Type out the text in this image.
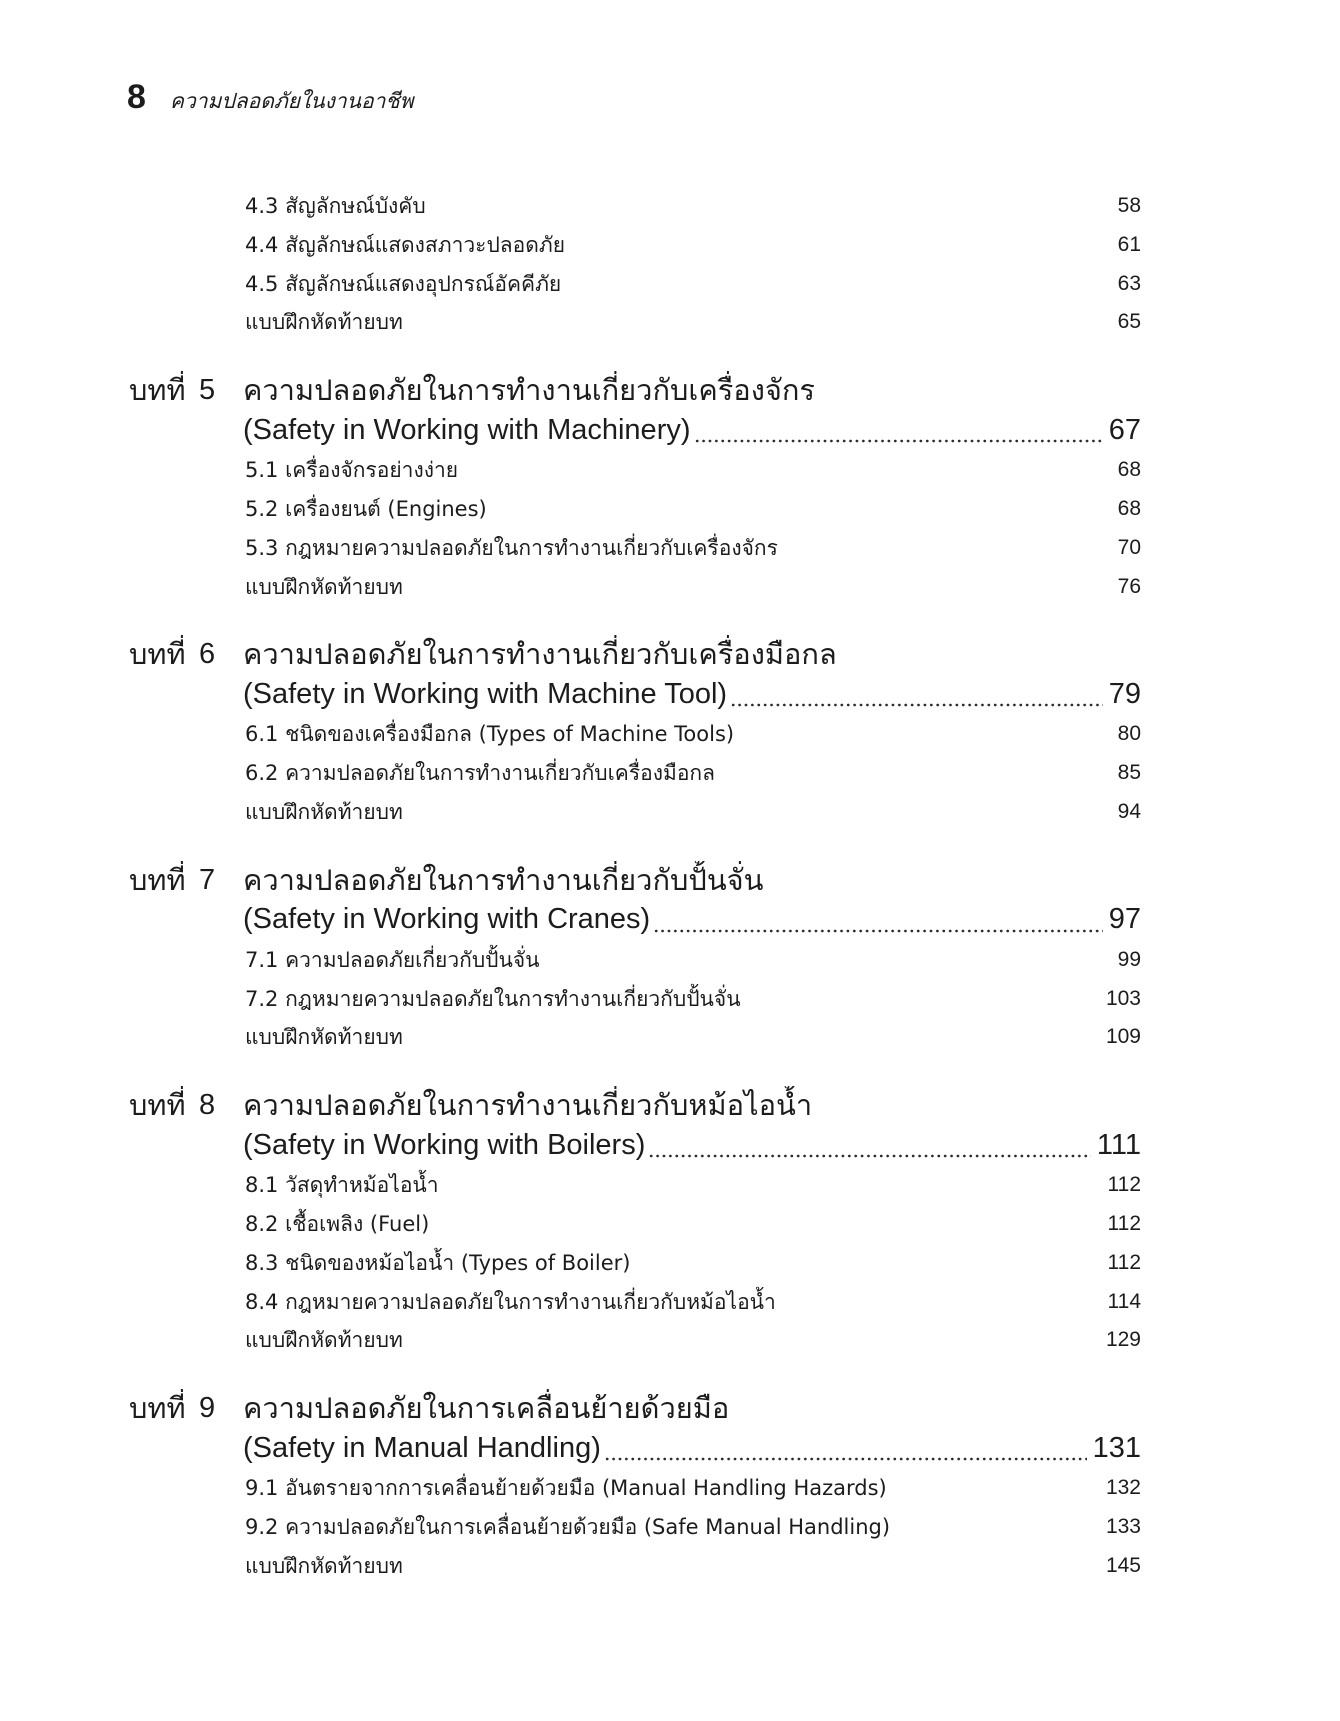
8 ความปลอดภัยในงานอาชีพ
4.3 สัญลักษณ์บังคับ	58
4.4 สัญลักษณ์แสดงสภาวะปลอดภัย	61
4.5 สัญลักษณ์แสดงอุปกรณ์อัคคีภัย	63
แบบฝึกหัดท้ายบท	65
บทที่ 5 ความปลอดภัยในการทำงานเกี่ยวกับเครื่องจักร
(Safety in Working with Machinery)	67
5.1 เครื่องจักรอย่างง่าย	68
5.2 เครื่องยนต์ (Engines)	68
5.3 กฎหมายความปลอดภัยในการทำงานเกี่ยวกับเครื่องจักร	70
แบบฝึกหัดท้ายบท	76
บทที่ 6 ความปลอดภัยในการทำงานเกี่ยวกับเครื่องมือกล
(Safety in Working with Machine Tool)	79
6.1 ชนิดของเครื่องมือกล (Types of Machine Tools)	80
6.2 ความปลอดภัยในการทำงานเกี่ยวกับเครื่องมือกล	85
แบบฝึกหัดท้ายบท	94
บทที่ 7 ความปลอดภัยในการทำงานเกี่ยวกับปั้นจั่น
(Safety in Working with Cranes)	97
7.1 ความปลอดภัยเกี่ยวกับปั้นจั่น	99
7.2 กฎหมายความปลอดภัยในการทำงานเกี่ยวกับปั้นจั่น	103
แบบฝึกหัดท้ายบท	109
บทที่ 8 ความปลอดภัยในการทำงานเกี่ยวกับหม้อไอน้ำ
(Safety in Working with Boilers)	111
8.1 วัสดุทำหม้อไอน้ำ	112
8.2 เชื้อเพลิง (Fuel)	112
8.3 ชนิดของหม้อไอน้ำ (Types of Boiler)	112
8.4 กฎหมายความปลอดภัยในการทำงานเกี่ยวกับหม้อไอน้ำ	114
แบบฝึกหัดท้ายบท	129
บทที่ 9 ความปลอดภัยในการเคลื่อนย้ายด้วยมือ
(Safety in Manual Handling)	131
9.1 อันตรายจากการเคลื่อนย้ายด้วยมือ (Manual Handling Hazards)	132
9.2 ความปลอดภัยในการเคลื่อนย้ายด้วยมือ (Safe Manual Handling)	133
แบบฝึกหัดท้ายบท	145
